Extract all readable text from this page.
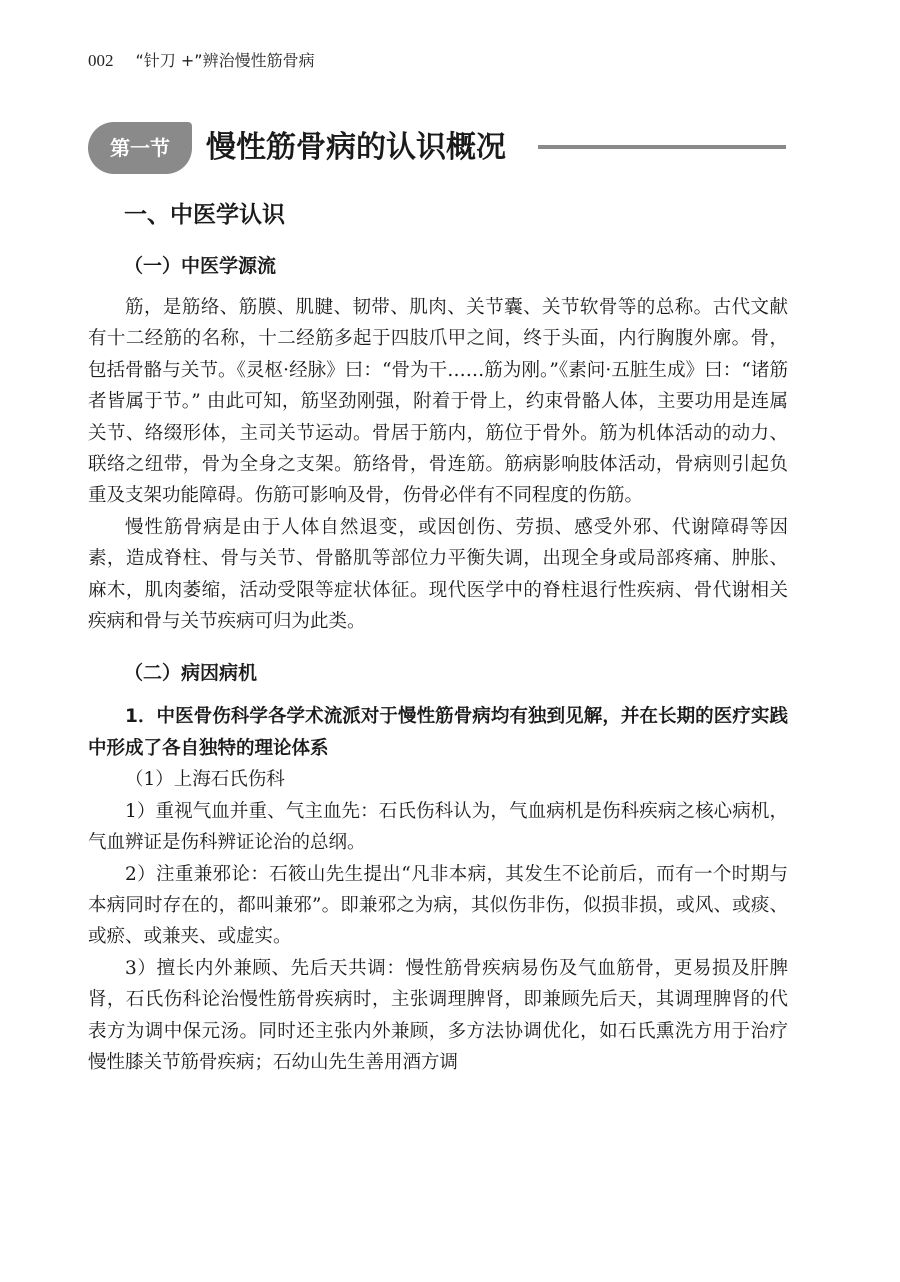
002 “针刀 +”辨治慢性筋骨病
第一节	慢性筋骨病的认识概况
一、中医学认识
（一）中医学源流

筋，是筋络、筋膜、肌腱、韧带、肌肉、关节囊、关节软骨等的总称。古代文献有十二经筋的名称，十二经筋多起于四肢爪甲之间，终于头面，内行胸腹外廓。骨，包括骨骼与关节。《灵枢·经脉》曰：“骨为干……筋为刚。”《素问·五脏生成》曰：“诸筋者皆属于节。” 由此可知，筋坚劲刚强，附着于骨上，约束骨骼人体，主要功用是连属关节、络缀形体，主司关节运动。骨居于筋内，筋位于骨外。筋为机体活动的动力、联络之纽带，骨为全身之支架。筋络骨，骨连筋。筋病影响肢体活动，骨病则引起负重及支架功能障碍。伤筋可影响及骨，伤骨必伴有不同程度的伤筋。

慢性筋骨病是由于人体自然退变，或因创伤、劳损、感受外邪、代谢障碍等因素，造成脊柱、骨与关节、骨骼肌等部位力平衡失调，出现全身或局部疼痛、肿胀、麻木，肌肉萎缩，活动受限等症状体征。现代医学中的脊柱退行性疾病、骨代谢相关疾病和骨与关节疾病可归为此类。

（二）病因病机

1．中医骨伤科学各学术流派对于慢性筋骨病均有独到见解，并在长期的医疗实践中形成了各自独特的理论体系

（1）上海石氏伤科

1）重视气血并重、气主血先：石氏伤科认为，气血病机是伤科疾病之核心病机，气血辨证是伤科辨证论治的总纲。

2）注重兼邪论：石筱山先生提出“凡非本病，其发生不论前后，而有一个时期与本病同时存在的，都叫兼邪”。即兼邪之为病，其似伤非伤，似损非损，或风、或痰、或瘀、或兼夹、或虚实。

3）擅长内外兼顾、先后天共调：慢性筋骨疾病易伤及气血筋骨，更易损及肝脾肾，石氏伤科论治慢性筋骨疾病时，主张调理脾肾，即兼顾先后天，其调理脾肾的代表方为调中保元汤。同时还主张内外兼顾，多方法协调优化，如石氏熏洗方用于治疗慢性膝关节筋骨疾病；石幼山先生善用酒方调
